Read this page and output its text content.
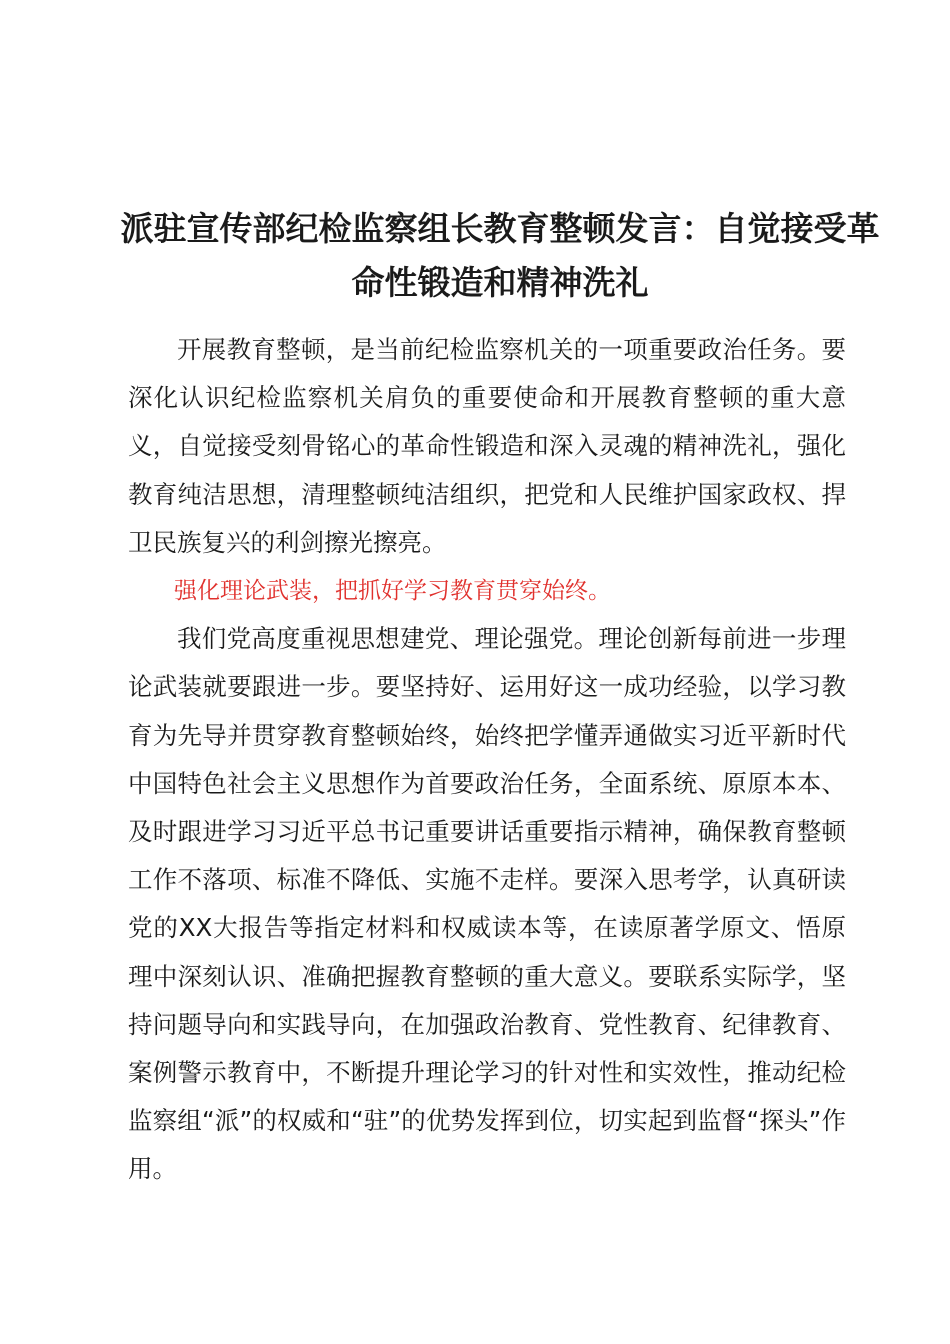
派驻宣传部纪检监察组长教育整顿发言：自觉接受革命性锻造和精神洗礼

开展教育整顿，是当前纪检监察机关的一项重要政治任务。要深化认识纪检监察机关肩负的重要使命和开展教育整顿的重大意义，自觉接受刻骨铭心的革命性锻造和深入灵魂的精神洗礼，强化教育纯洁思想，清理整顿纯洁组织，把党和人民维护国家政权、捍卫民族复兴的利剑擦光擦亮。

强化理论武装，把抓好学习教育贯穿始终。

我们党高度重视思想建党、理论强党。理论创新每前进一步理论武装就要跟进一步。要坚持好、运用好这一成功经验，以学习教育为先导并贯穿教育整顿始终，始终把学懂弄通做实习近平新时代中国特色社会主义思想作为首要政治任务，全面系统、原原本本、及时跟进学习习近平总书记重要讲话重要指示精神，确保教育整顿工作不落项、标准不降低、实施不走样。要深入思考学，认真研读党的XX大报告等指定材料和权威读本等，在读原著学原文、悟原理中深刻认识、准确把握教育整顿的重大意义。要联系实际学，坚持问题导向和实践导向，在加强政治教育、党性教育、纪律教育、案例警示教育中，不断提升理论学习的针对性和实效性，推动纪检监察组“派”的权威和“驻”的优势发挥到位，切实起到监督“探头”作用。
